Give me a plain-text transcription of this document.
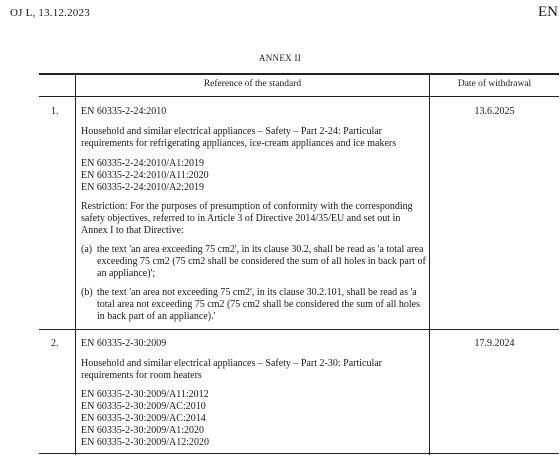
OJ L, 13.12.2023	EN
ANNEX II
Reference of the standard	Date of withdrawal
1. EN 60335-2-24:2010	13.6.2025
Household and similar electrical appliances – Safety – Part 2-24: Particular
requirements for refrigerating appliances, ice-cream appliances and ice makers
EN 60335-2-24:2010/A1:2019
EN 60335-2-24:2010/A11:2020
EN 60335-2-24:2010/A2:2019
Restriction: For the purposes of presumption of conformity with the corresponding
safety objectives, referred to in Article 3 of Directive 2014/35/EU and set out in
Annex I to that Directive:
(a) the text 'an area exceeding 75 cm2', in its clause 30.2, shall be read as 'a total area
exceeding 75 cm2 (75 cm2 shall be considered the sum of all holes in back part of
an appliance)';
(b) the text 'an area not exceeding 75 cm2', in its clause 30.2.101, shall be read as 'a
total area not exceeding 75 cm2 (75 cm2 shall be considered the sum of all holes
in back part of an appliance).'
2. EN 60335-2-30:2009	17.9.2024
Household and similar electrical appliances – Safety – Part 2-30: Particular
requirements for room heaters
EN 60335-2-30:2009/A11:2012
EN 60335-2-30:2009/AC:2010
EN 60335-2-30:2009/AC:2014
EN 60335-2-30:2009/A1:2020
EN 60335-2-30:2009/A12:2020
